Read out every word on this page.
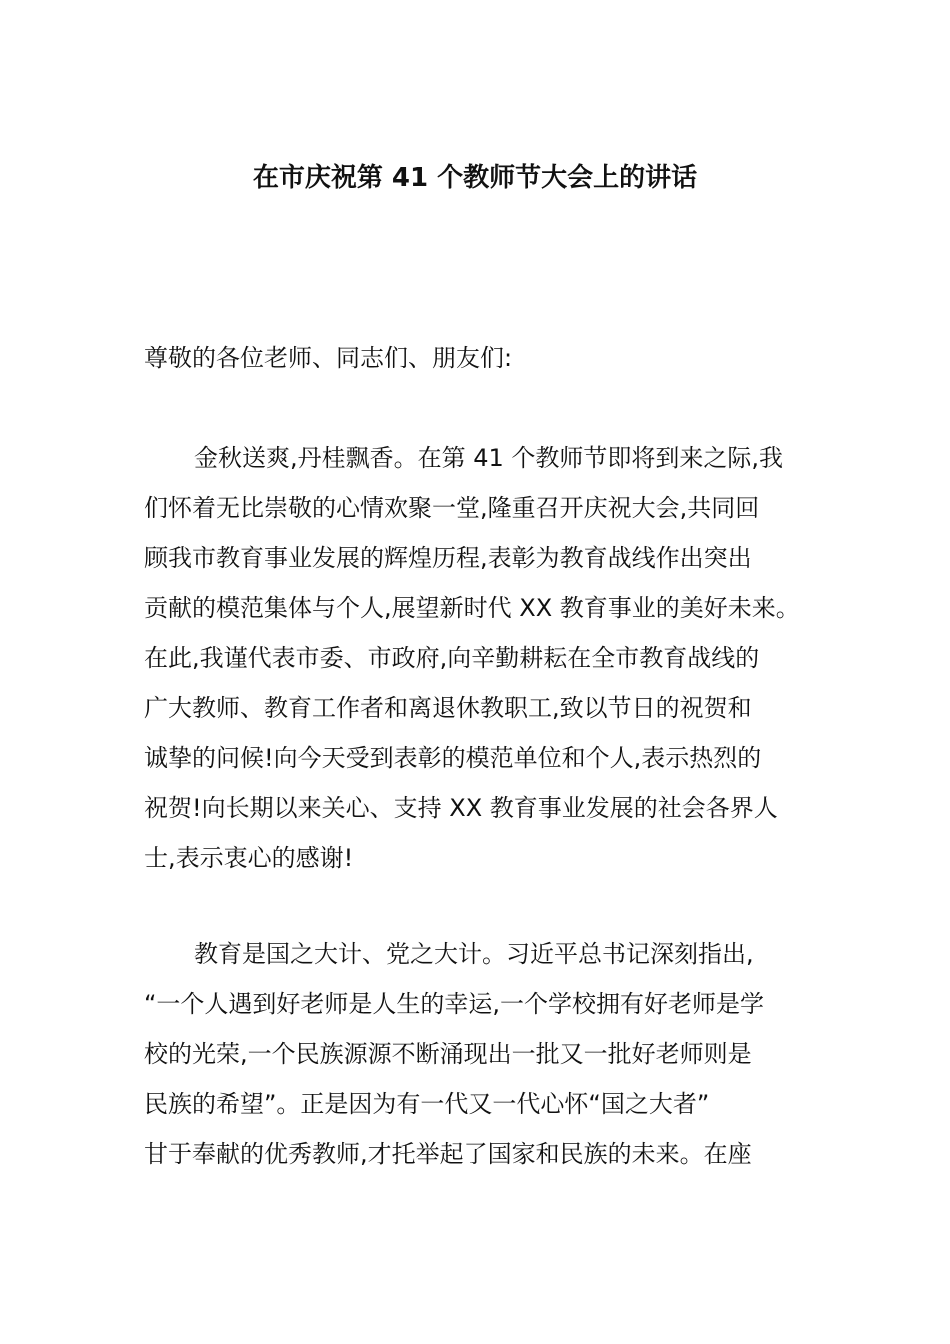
在市庆祝第 41 个教师节大会上的讲话

尊敬的各位老师、同志们、朋友们:

金秋送爽,丹桂飘香。在第 41 个教师节即将到来之际,我
们怀着无比崇敬的心情欢聚一堂,隆重召开庆祝大会,共同回
顾我市教育事业发展的辉煌历程,表彰为教育战线作出突出
贡献的模范集体与个人,展望新时代 XX 教育事业的美好未来。
在此,我谨代表市委、市政府,向辛勤耕耘在全市教育战线的
广大教师、教育工作者和离退休教职工,致以节日的祝贺和
诚挚的问候!向今天受到表彰的模范单位和个人,表示热烈的
祝贺!向长期以来关心、支持 XX 教育事业发展的社会各界人
士,表示衷心的感谢!
教育是国之大计、党之大计。习近平总书记深刻指出,
“一个人遇到好老师是人生的幸运,一个学校拥有好老师是学
校的光荣,一个民族源源不断涌现出一批又一批好老师则是
民族的希望”。正是因为有一代又一代心怀“国之大者”
甘于奉献的优秀教师,才托举起了国家和民族的未来。在座
